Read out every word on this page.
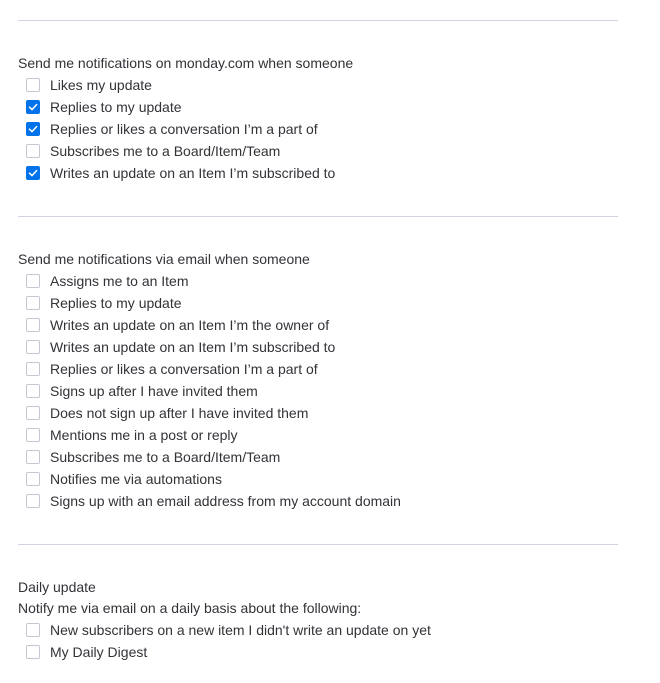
Send me notifications on monday.com when someone
Likes my update
Replies to my update
Replies or likes a conversation I’m a part of
Subscribes me to a Board/Item/Team
Writes an update on an Item I’m subscribed to
Send me notifications via email when someone
Assigns me to an Item
Replies to my update
Writes an update on an Item I’m the owner of
Writes an update on an Item I’m subscribed to
Replies or likes a conversation I’m a part of
Signs up after I have invited them
Does not sign up after I have invited them
Mentions me in a post or reply
Subscribes me to a Board/Item/Team
Notifies me via automations
Signs up with an email address from my account domain
Daily update
Notify me via email on a daily basis about the following:
New subscribers on a new item I didn't write an update on yet
My Daily Digest
